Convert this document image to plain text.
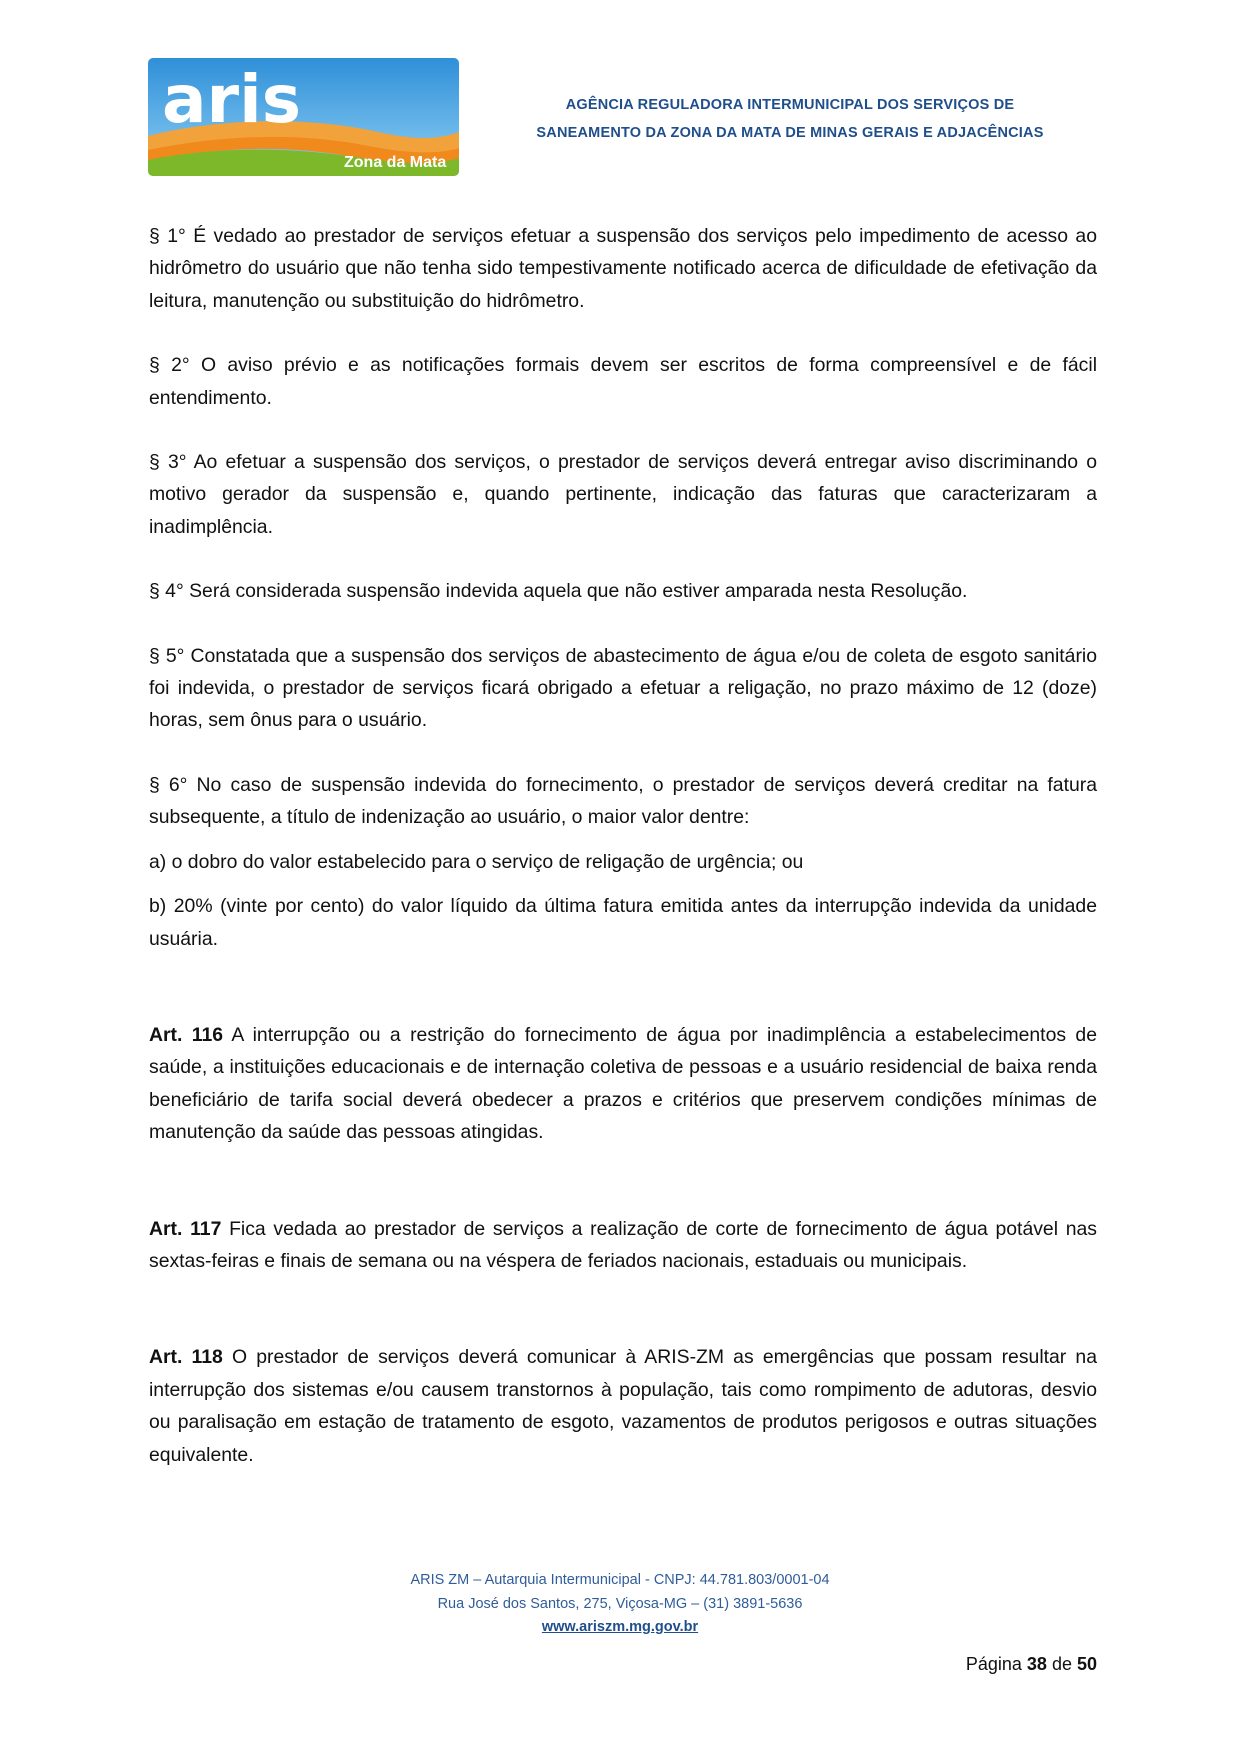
aris
Zona da Mata
AGÊNCIA REGULADORA INTERMUNICIPAL DOS SERVIÇOS DE
SANEAMENTO DA ZONA DA MATA DE MINAS GERAIS E ADJACÊNCIAS

§ 1° É vedado ao prestador de serviços efetuar a suspensão dos serviços pelo impedimento de acesso ao hidrômetro do usuário que não tenha sido tempestivamente notificado acerca de dificuldade de efetivação da leitura, manutenção ou substituição do hidrômetro.

§ 2° O aviso prévio e as notificações formais devem ser escritos de forma compreensível e de fácil entendimento.

§ 3° Ao efetuar a suspensão dos serviços, o prestador de serviços deverá entregar aviso discriminando o motivo gerador da suspensão e, quando pertinente, indicação das faturas que caracterizaram a inadimplência.

§ 4° Será considerada suspensão indevida aquela que não estiver amparada nesta Resolução.

§ 5° Constatada que a suspensão dos serviços de abastecimento de água e/ou de coleta de esgoto sanitário foi indevida, o prestador de serviços ficará obrigado a efetuar a religação, no prazo máximo de 12 (doze) horas, sem ônus para o usuário.

§ 6° No caso de suspensão indevida do fornecimento, o prestador de serviços deverá creditar na fatura subsequente, a título de indenização ao usuário, o maior valor dentre:

a) o dobro do valor estabelecido para o serviço de religação de urgência; ou

b) 20% (vinte por cento) do valor líquido da última fatura emitida antes da interrupção indevida da unidade usuária.

Art. 116 A interrupção ou a restrição do fornecimento de água por inadimplência a estabelecimentos de saúde, a instituições educacionais e de internação coletiva de pessoas e a usuário residencial de baixa renda beneficiário de tarifa social deverá obedecer a prazos e critérios que preservem condições mínimas de manutenção da saúde das pessoas atingidas.

Art. 117 Fica vedada ao prestador de serviços a realização de corte de fornecimento de água potável nas sextas-feiras e finais de semana ou na véspera de feriados nacionais, estaduais ou municipais.

Art. 118 O prestador de serviços deverá comunicar à ARIS-ZM as emergências que possam resultar na interrupção dos sistemas e/ou causem transtornos à população, tais como rompimento de adutoras, desvio ou paralisação em estação de tratamento de esgoto, vazamentos de produtos perigosos e outras situações equivalente.

ARIS ZM – Autarquia Intermunicipal - CNPJ: 44.781.803/0001-04
Rua José dos Santos, 275, Viçosa-MG – (31) 3891-5636
www.ariszm.mg.gov.br
Página 38 de 50
